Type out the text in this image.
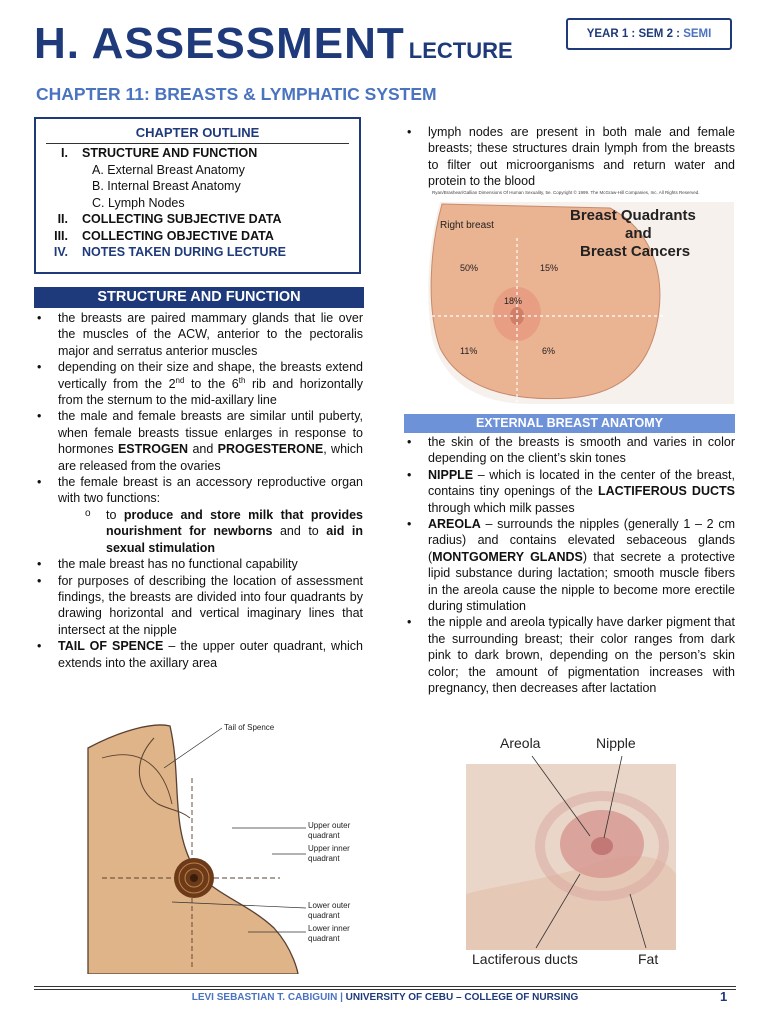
H. ASSESSMENT LECTURE
YEAR 1 : SEM 2 : SEMI
CHAPTER 11: BREASTS & LYMPHATIC SYSTEM
CHAPTER OUTLINE
I.	STRUCTURE AND FUNCTION
A. External Breast Anatomy
B. Internal Breast Anatomy
C. Lymph Nodes
II.	COLLECTING SUBJECTIVE DATA
III.	COLLECTING OBJECTIVE DATA
IV.	NOTES TAKEN DURING LECTURE
STRUCTURE AND FUNCTION
• the breasts are paired mammary glands that lie over the muscles of the ACW, anterior to the pectoralis major and serratus anterior muscles
• depending on their size and shape, the breasts extend vertically from the 2nd to the 6th rib and horizontally from the sternum to the mid-axillary line
• the male and female breasts are similar until puberty, when female breasts tissue enlarges in response to hormones ESTROGEN and PROGESTERONE, which are released from the ovaries
• the female breast is an accessory reproductive organ with two functions:
o to produce and store milk that provides nourishment for newborns and to aid in sexual stimulation
• the male breast has no functional capability
• for purposes of describing the location of assessment findings, the breasts are divided into four quadrants by drawing horizontal and vertical imaginary lines that intersect at the nipple
• TAIL OF SPENCE – the upper outer quadrant, which extends into the axillary area
Tail of Spence
Upper outer
quadrant
Upper inner
quadrant
Lower outer
quadrant
Lower inner
quadrant
• lymph nodes are present in both male and female breasts; these structures drain lymph from the breasts to filter out microorganisms and return water and protein to the blood
Ryan/Brashear/Gallian Dimensions Of Human Sexuality, 5e. Copyright © 1999. The McGraw-Hill Companies, Inc. All Rights Reserved.
Right breast
Breast Quadrants
and
Breast Cancers
50%	15%
18%
11%	6%
EXTERNAL BREAST ANATOMY
• the skin of the breasts is smooth and varies in color depending on the client’s skin tones
• NIPPLE – which is located in the center of the breast, contains tiny openings of the LACTIFEROUS DUCTS through which milk passes
• AREOLA – surrounds the nipples (generally 1 – 2 cm radius) and contains elevated sebaceous glands (MONTGOMERY GLANDS) that secrete a protective lipid substance during lactation; smooth muscle fibers in the areola cause the nipple to become more erectile during stimulation
• the nipple and areola typically have darker pigment that the surrounding breast; their color ranges from dark pink to dark brown, depending on the person’s skin color; the amount of pigmentation increases with pregnancy, then decreases after lactation
Areola	Nipple
Lactiferous ducts	Fat
LEVI SEBASTIAN T. CABIGUIN | UNIVERSITY OF CEBU – COLLEGE OF NURSING	1
